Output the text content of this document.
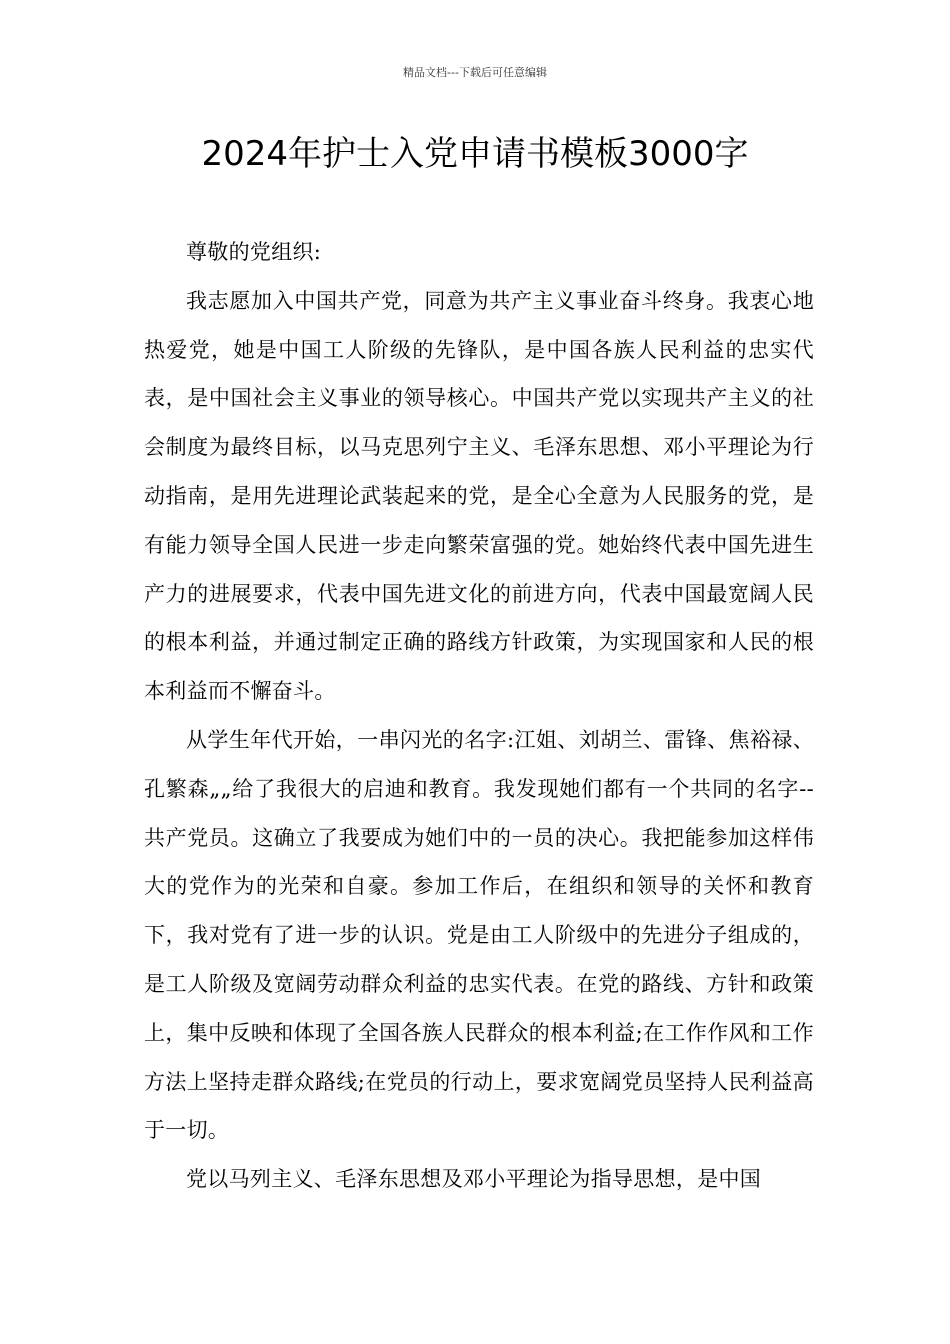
精品文档---下载后可任意编辑
2024年护士入党申请书模板3000字

尊敬的党组织:

我志愿加入中国共产党，同意为共产主义事业奋斗终身。我衷心地热爱党，她是中国工人阶级的先锋队，是中国各族人民利益的忠实代表，是中国社会主义事业的领导核心。中国共产党以实现共产主义的社会制度为最终目标，以马克思列宁主义、毛泽东思想、邓小平理论为行动指南，是用先进理论武装起来的党，是全心全意为人民服务的党，是有能力领导全国人民进一步走向繁荣富强的党。她始终代表中国先进生产力的进展要求，代表中国先进文化的前进方向，代表中国最宽阔人民的根本利益，并通过制定正确的路线方针政策，为实现国家和人民的根本利益而不懈奋斗。

从学生年代开始，一串闪光的名字:江姐、刘胡兰、雷锋、焦裕禄、孔繁森„„给了我很大的启迪和教育。我发现她们都有一个共同的名字--共产党员。这确立了我要成为她们中的一员的决心。我把能参加这样伟大的党作为的光荣和自豪。参加工作后，在组织和领导的关怀和教育下，我对党有了进一步的认识。党是由工人阶级中的先进分子组成的，是工人阶级及宽阔劳动群众利益的忠实代表。在党的路线、方针和政策上，集中反映和体现了全国各族人民群众的根本利益;在工作作风和工作方法上坚持走群众路线;在党员的行动上，要求宽阔党员坚持人民利益高于一切。

党以马列主义、毛泽东思想及邓小平理论为指导思想，是中国
